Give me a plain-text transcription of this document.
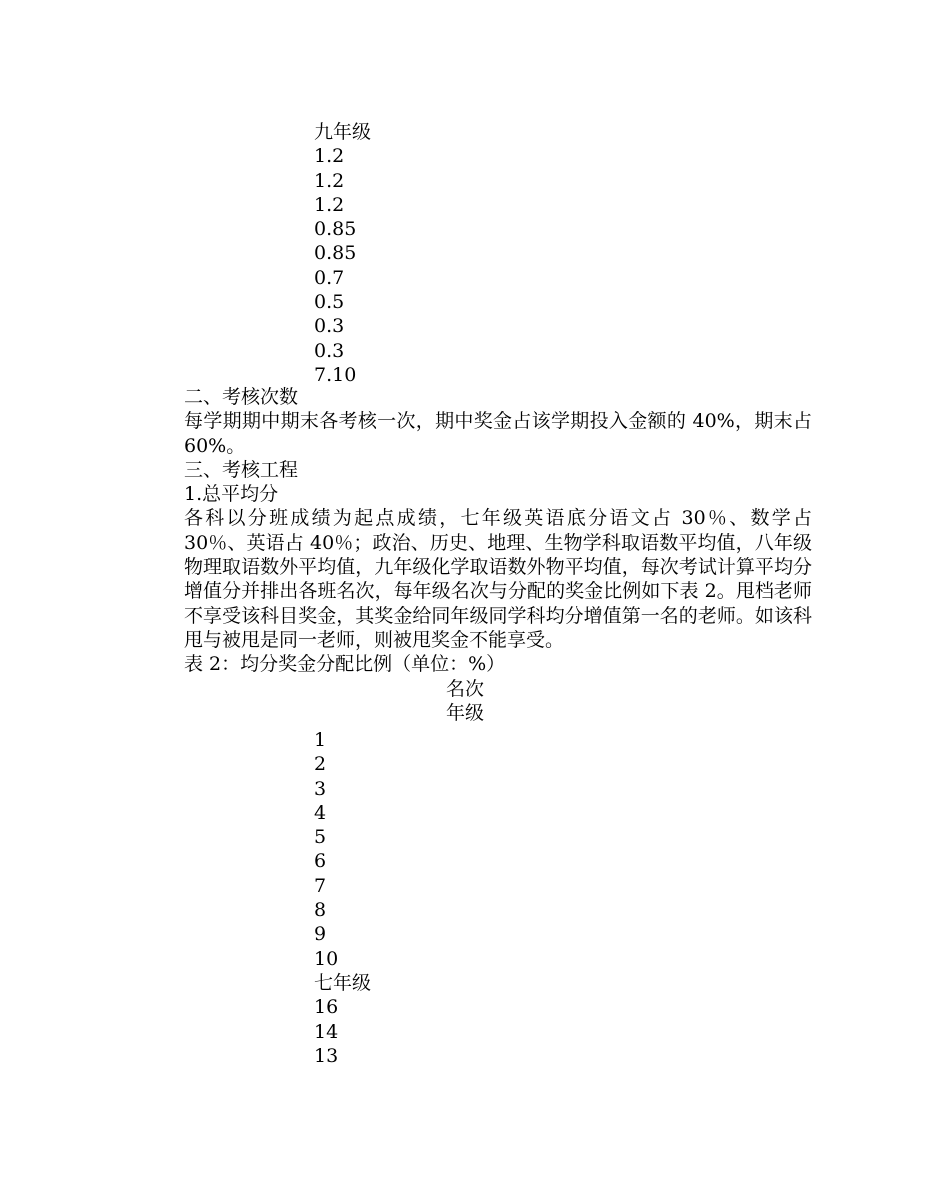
九年级
1.2
1.2
1.2
0.85
0.85
0.7
0.5
0.3
0.3
7.10
二、考核次数
每学期期中期末各考核一次，期中奖金占该学期投入金额的 40%，期末占 60%。
三、考核工程
1.总平均分
各科以分班成绩为起点成绩，七年级英语底分语文占 30％、数学占 30％、英语占 40％；政治、历史、地理、生物学科取语数平均值，八年级物理取语数外平均值，九年级化学取语数外物平均值，每次考试计算平均分增值分并排出各班名次，每年级名次与分配的奖金比例如下表 2。甩档老师不享受该科目奖金，其奖金给同年级同学科均分增值第一名的老师。如该科甩与被甩是同一老师，则被甩奖金不能享受。
表 2：均分奖金分配比例（单位：%）
名次
年级
1
2
3
4
5
6
7
8
9
10
七年级
16
14
13
